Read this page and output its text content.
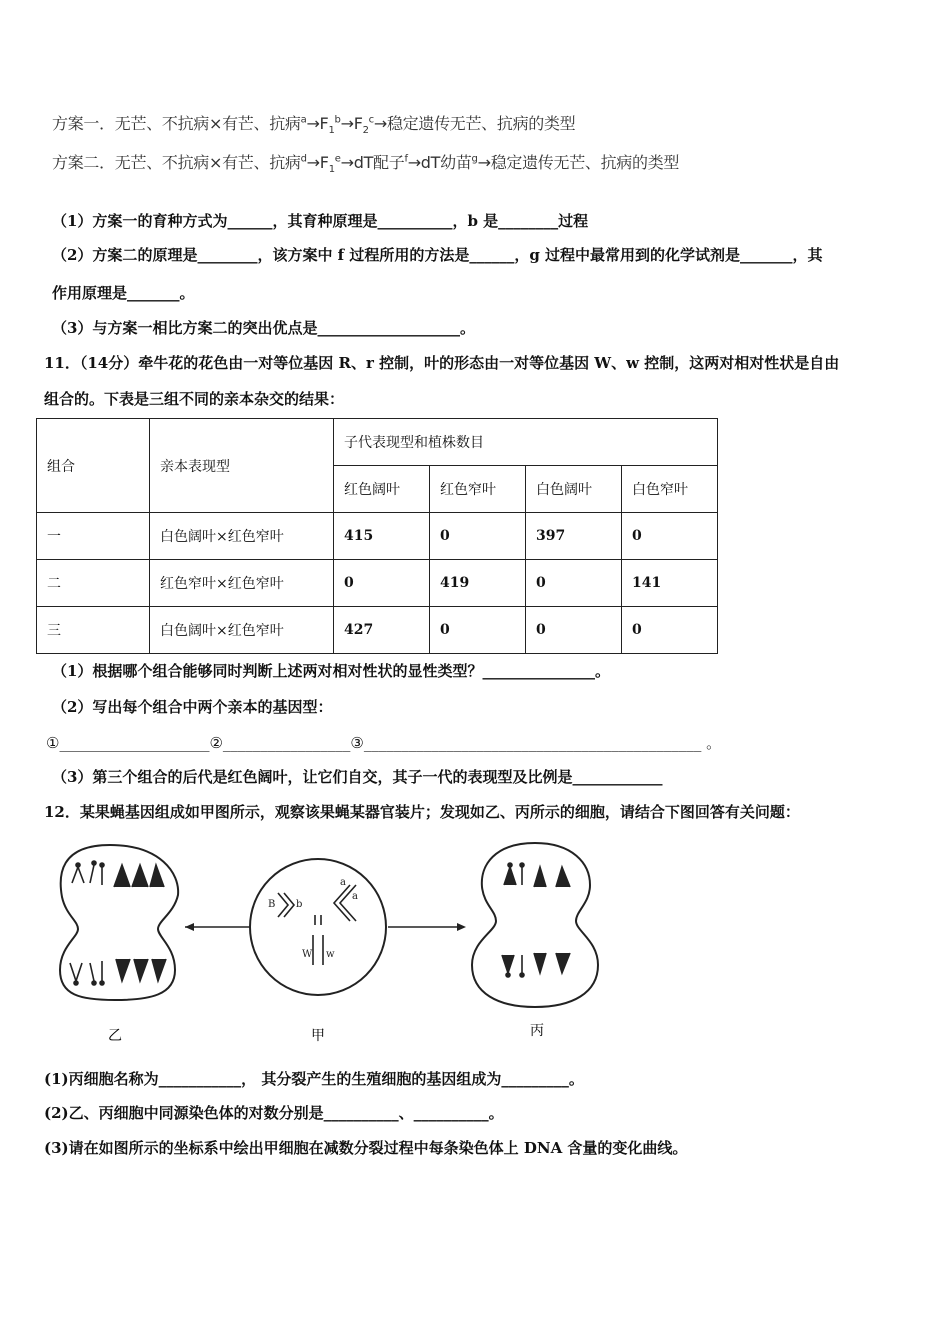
方案一．无芒、不抗病×有芒、抗病$^a\to F_1^b\to F_2^c\to$稳定遗传无芒、抗病的类型
方案二．无芒、不抗病×有芒、抗病$^d\to F_1^e\to dT$配子$^f$→dT幼苗$^g$→稳定遗传无芒、抗病的类型
（1）方案一的育种方式为______，其育种原理是__________，b 是________过程
（2）方案二的原理是________，该方案中 f 过程所用的方法是______，g 过程中最常用到的化学试剂是_______，其
作用原理是_______。
（3）与方案一相比方案二的突出优点是___________________。
11．（14分）牵牛花的花色由一对等位基因 R、r 控制，叶的形态由一对等位基因 W、w 控制，这两对相对性状是自由
组合的。下表是三组不同的亲本杂交的结果：
组合	亲本表现型	子代表现型和植株数目			
		红色阔叶	红色窄叶	白色阔叶	白色窄叶
一	白色阔叶×红色窄叶	415	0	397	0
二	红色窄叶×红色窄叶	0	419	0	141
三	白色阔叶×红色窄叶	427	0	0	0
（1）根据哪个组合能够同时判断上述两对相对性状的显性类型？_______________。
（2）写出每个组合中两个亲本的基因型：
①____________________②_________________③_____________________________________________ 。
（3）第三个组合的后代是红色阔叶，让它们自交，其子一代的表现型及比例是____________
12．某果蝇基因组成如甲图所示，观察该果蝇某器官装片；发现如乙、丙所示的细胞，请结合下图回答有关问题：
乙
B b
a
a
W w
甲	丙
(1)丙细胞名称为___________， 其分裂产生的生殖细胞的基因组成为_________。
(2)乙、丙细胞中同源染色体的对数分别是__________、__________。
(3)请在如图所示的坐标系中绘出甲细胞在减数分裂过程中每条染色体上 DNA 含量的变化曲线。
